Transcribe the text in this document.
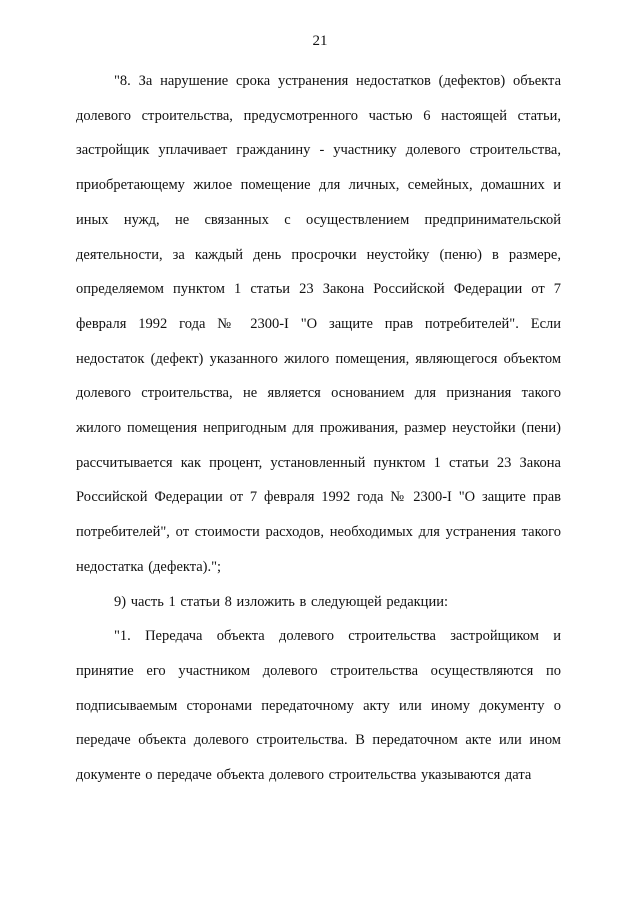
21

"8. За нарушение срока устранения недостатков (дефектов) объекта долевого строительства, предусмотренного частью 6 настоящей статьи, застройщик уплачивает гражданину - участнику долевого строительства, приобретающему жилое помещение для личных, семейных, домашних и иных нужд, не связанных с осуществлением предпринимательской деятельности, за каждый день просрочки неустойку (пеню) в размере, определяемом пунктом 1 статьи 23 Закона Российской Федерации от 7 февраля 1992 года № 2300-I "О защите прав потребителей". Если недостаток (дефект) указанного жилого помещения, являющегося объектом долевого строительства, не является основанием для признания такого жилого помещения непригодным для проживания, размер неустойки (пени) рассчитывается как процент, установленный пунктом 1 статьи 23 Закона Российской Федерации от 7 февраля 1992 года № 2300-I "О защите прав потребителей", от стоимости расходов, необходимых для устранения такого недостатка (дефекта).";

9) часть 1 статьи 8 изложить в следующей редакции:

"1. Передача объекта долевого строительства застройщиком и принятие его участником долевого строительства осуществляются по подписываемым сторонами передаточному акту или иному документу о передаче объекта долевого строительства. В передаточном акте или ином документе о передаче объекта долевого строительства указываются дата
